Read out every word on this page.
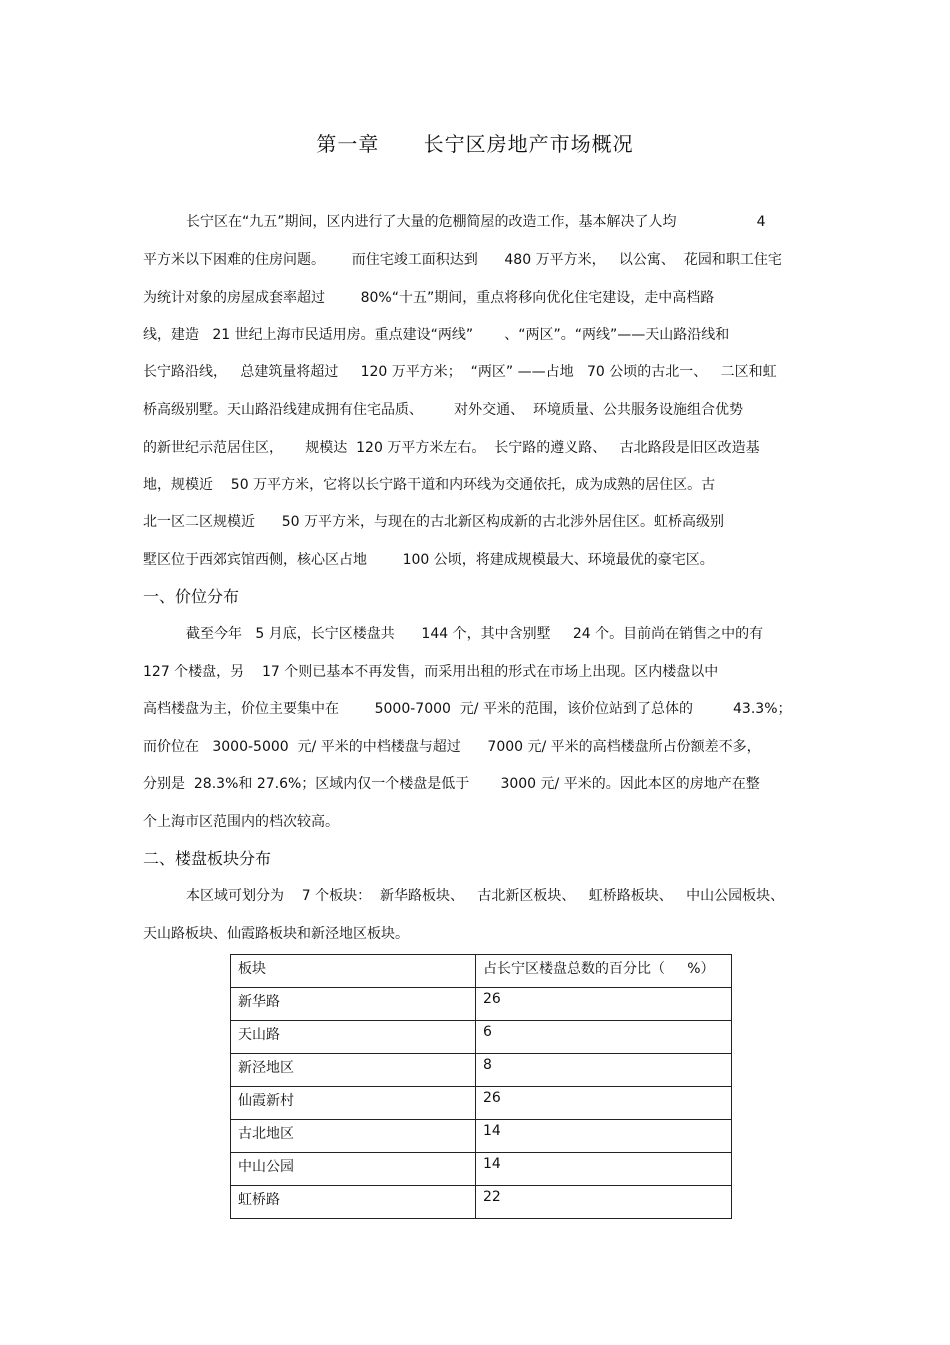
第一章      长宁区房地产市场概况
长宁区在“九五”期间，区内进行了大量的危棚简屋的改造工作，基本解决了人均                  4
平方米以下困难的住房问题。      而住宅竣工面积达到      480 万平方米，   以公寓、  花园和职工住宅
为统计对象的房屋成套率超过        80%“十五”期间，重点将移向优化住宅建设，走中高档路
线，建造   21 世纪上海市民适用房。重点建设“两线”       、“两区”。“两线”——天山路沿线和
长宁路沿线，   总建筑量将超过     120 万平方米；  “两区” ——占地   70 公顷的古北一、   二区和虹
桥高级别墅。天山路沿线建成拥有住宅品质、       对外交通、  环境质量、公共服务设施组合优势
的新世纪示范居住区，     规模达  120 万平方米左右。  长宁路的遵义路、   古北路段是旧区改造基
地，规模近    50 万平方米，它将以长宁路干道和内环线为交通依托，成为成熟的居住区。古
北一区二区规模近      50 万平方米，与现在的古北新区构成新的古北涉外居住区。虹桥高级别
墅区位于西郊宾馆西侧，核心区占地        100 公顷，将建成规模最大、环境最优的豪宅区。
一、价位分布
截至今年   5 月底，长宁区楼盘共      144 个，其中含别墅     24 个。目前尚在销售之中的有
127 个楼盘，另    17 个则已基本不再发售，而采用出租的形式在市场上出现。区内楼盘以中
高档楼盘为主，价位主要集中在        5000-7000  元/ 平米的范围，该价位站到了总体的         43.3%；
而价位在   3000-5000  元/ 平米的中档楼盘与超过      7000 元/ 平米的高档楼盘所占份额差不多，
分别是  28.3%和 27.6%；区域内仅一个楼盘是低于       3000 元/ 平米的。因此本区的房地产在整
个上海市区范围内的档次较高。
二、楼盘板块分布
本区域可划分为    7 个板块：  新华路板块、   古北新区板块、   虹桥路板块、   中山公园板块、
天山路板块、仙霞路板块和新泾地区板块。
板块	占长宁区楼盘总数的百分比（     %）
新华路	26
天山路	6
新泾地区	8
仙霞新村	26
古北地区	14
中山公园	14
虹桥路	22
